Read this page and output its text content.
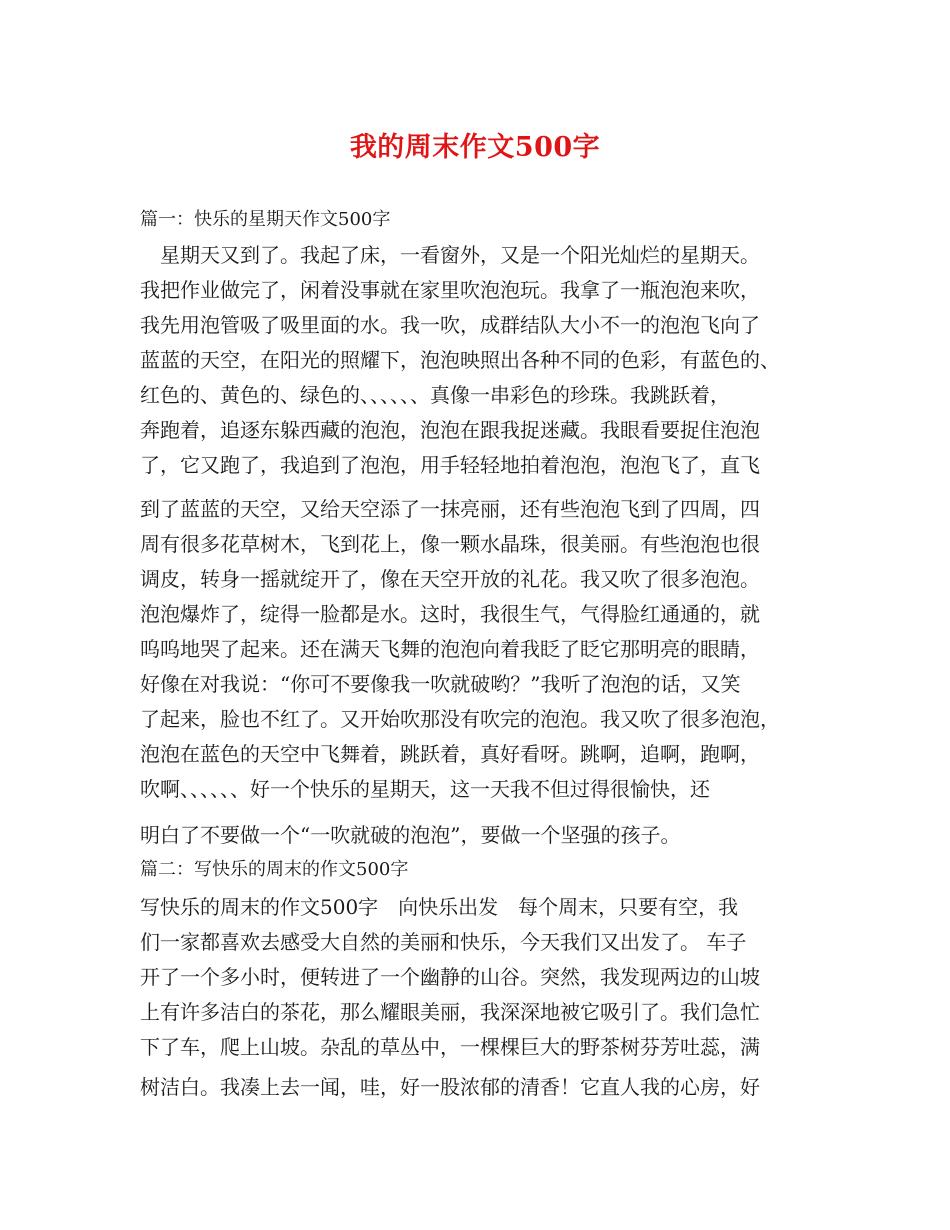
我的周末作文500字
篇一：快乐的星期天作文500字
　星期天又到了。我起了床，一看窗外，又是一个阳光灿烂的星期天。
我把作业做完了，闲着没事就在家里吹泡泡玩。我拿了一瓶泡泡来吹，
我先用泡管吸了吸里面的水。我一吹，成群结队大小不一的泡泡飞向了
蓝蓝的天空，在阳光的照耀下，泡泡映照出各种不同的色彩，有蓝色的、
红色的、黄色的、绿色的、、、、、、真像一串彩色的珍珠。我跳跃着，
奔跑着，追逐东躲西藏的泡泡，泡泡在跟我捉迷藏。我眼看要捉住泡泡
了，它又跑了，我追到了泡泡，用手轻轻地拍着泡泡，泡泡飞了，直飞
到了蓝蓝的天空，又给天空添了一抹亮丽，还有些泡泡飞到了四周，四
周有很多花草树木，飞到花上，像一颗水晶珠，很美丽。有些泡泡也很
调皮，转身一摇就绽开了，像在天空开放的礼花。我又吹了很多泡泡。
泡泡爆炸了，绽得一脸都是水。这时，我很生气，气得脸红通通的，就
呜呜地哭了起来。还在满天飞舞的泡泡向着我眨了眨它那明亮的眼睛，
好像在对我说：“你可不要像我一吹就破哟？”我听了泡泡的话，又笑
了起来，脸也不红了。又开始吹那没有吹完的泡泡。我又吹了很多泡泡，
泡泡在蓝色的天空中飞舞着，跳跃着，真好看呀。跳啊，追啊，跑啊，
吹啊、、、、、、好一个快乐的星期天，这一天我不但过得很愉快，还
明白了不要做一个“一吹就破的泡泡”，要做一个坚强的孩子。
篇二：写快乐的周末的作文500字
写快乐的周末的作文500字　向快乐出发　每个周末，只要有空，我
们一家都喜欢去感受大自然的美丽和快乐，今天我们又出发了。 车子
开了一个多小时，便转进了一个幽静的山谷。突然，我发现两边的山坡
上有许多洁白的茶花，那么耀眼美丽，我深深地被它吸引了。我们急忙
下了车，爬上山坡。杂乱的草丛中，一棵棵巨大的野茶树芬芳吐蕊，满
树洁白。我凑上去一闻，哇，好一股浓郁的清香！它直人我的心房，好
